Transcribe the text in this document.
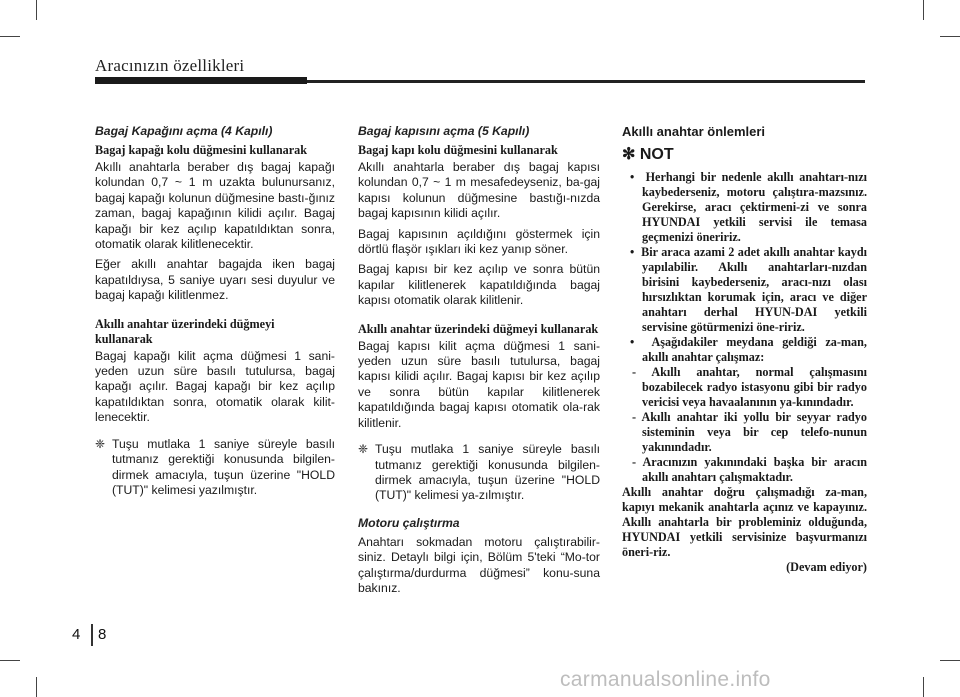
Aracınızın özellikleri
Bagaj Kapağını açma (4 Kapılı)
Bagaj kapağı kolu düğmesini kullanarak

Akıllı anahtarla beraber dış bagaj kapağı kolundan 0,7 ~ 1 m uzakta bulunursanız, bagaj kapağı kolunun düğmesine bastı-ğınız zaman, bagaj kapağının kilidi açılır. Bagaj kapağı bir kez açılıp kapatıldıktan sonra, otomatik olarak kilitlenecektir.

Eğer akıllı anahtar bagajda iken bagaj kapatıldıysa, 5 saniye uyarı sesi duyulur ve bagaj kapağı kilitlenmez.

Akıllı anahtar üzerindeki düğmeyi kullanarak

Bagaj kapağı kilit açma düğmesi 1 sani-yeden uzun süre basılı tutulursa, bagaj kapağı açılır. Bagaj kapağı bir kez açılıp kapatıldıktan sonra, otomatik olarak kilit-lenecektir.

❈ Tuşu mutlaka 1 saniye süreyle basılı tutmanız gerektiği konusunda bilgilen-dirmek amacıyla, tuşun üzerine "HOLD (TUT)" kelimesi yazılmıştır.
Bagaj kapısını açma (5 Kapılı)
Bagaj kapı kolu düğmesini kullanarak

Akıllı anahtarla beraber dış bagaj kapısı kolundan 0,7 ~ 1 m mesafedeyseniz, ba-gaj kapısı kolunun düğmesine bastığı-nızda bagaj kapısının kilidi açılır.

Bagaj kapısının açıldığını göstermek için dörtlü flaşör ışıkları iki kez yanıp söner.

Bagaj kapısı bir kez açılıp ve sonra bütün kapılar kilitlenerek kapatıldığında bagaj kapısı otomatik olarak kilitlenir.

Akıllı anahtar üzerindeki düğmeyi kullanarak

Bagaj kapısı kilit açma düğmesi 1 sani-yeden uzun süre basılı tutulursa, bagaj kapısı kilidi açılır. Bagaj kapısı bir kez açılıp ve sonra bütün kapılar kilitlenerek kapatıldığında bagaj kapısı otomatik ola-rak kilitlenir.

❈ Tuşu mutlaka 1 saniye süreyle basılı tutmanız gerektiği konusunda bilgilen-dirmek amacıyla, tuşun üzerine "HOLD (TUT)" kelimesi ya-zılmıştır.
Motoru çalıştırma

Anahtarı sokmadan motoru çalıştırabilir-siniz. Detaylı bilgi için, Bölüm 5'teki “Mo-tor çalıştırma/durdurma düğmesi” konu-suna bakınız.

Akıllı anahtar önlemleri
✻ NOT
•  Herhangi bir nedenle akıllı anahtarı-nızı kaybederseniz, motoru çalıştıra-mazsınız. Gerekirse, aracı çektirmeni-zi ve sonra HYUNDAI yetkili servisi ile temasa geçmenizi öneririz.
•  Bir araca azami 2 adet akıllı anahtar kaydı yapılabilir. Akıllı anahtarları-nızdan birisini kaybederseniz, aracı-nızı olası hırsızlıktan korumak için, aracı ve diğer anahtarı derhal HYUN-DAI yetkili servisine götürmenizi öne-ririz.
•  Aşağıdakiler meydana geldiği za-man, akıllı anahtar çalışmaz:
- Akıllı anahtar, normal çalışmasını bozabilecek radyo istasyonu gibi bir radyo vericisi veya havaalanının ya-kınındadır.
- Akıllı anahtar iki yollu bir seyyar radyo sisteminin veya bir cep telefo-nunun yakınındadır.
- Aracınızın yakınındaki başka bir aracın akıllı anahtarı çalışmaktadır.

Akıllı anahtar doğru çalışmadığı za-man, kapıyı mekanik anahtarla açınız ve kapayınız. Akıllı anahtarla bir probleminiz olduğunda, HYUNDAI yetkili servisinize başvurmanızı öneri-riz.

(Devam ediyor)
4 8
carmanualsonline.info
